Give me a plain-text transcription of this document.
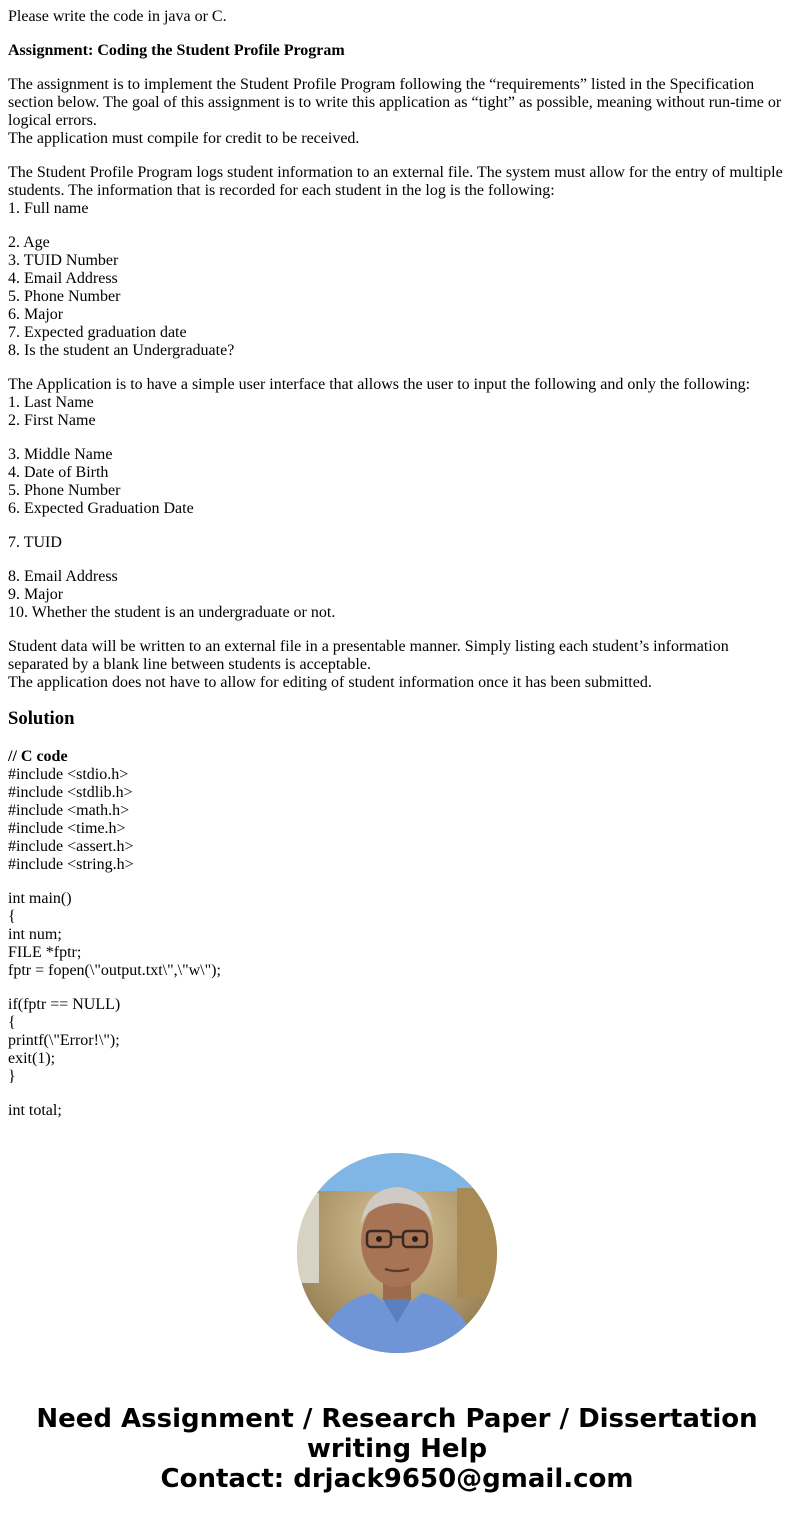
Please write the code in java or C.

Assignment: Coding the Student Profile Program

The assignment is to implement the Student Profile Program following the “requirements” listed in the Specification section below. The goal of this assignment is to write this application as “tight” as possible, meaning without run-time or logical errors.
The application must compile for credit to be received.

The Student Profile Program logs student information to an external file. The system must allow for the entry of multiple students. The information that is recorded for each student in the log is the following:
1. Full name

2. Age
3. TUID Number
4. Email Address
5. Phone Number
6. Major
7. Expected graduation date
8. Is the student an Undergraduate?

The Application is to have a simple user interface that allows the user to input the following and only the following:
1. Last Name
2. First Name

3. Middle Name
4. Date of Birth
5. Phone Number
6. Expected Graduation Date

7. TUID

8. Email Address
9. Major
10. Whether the student is an undergraduate or not.

Student data will be written to an external file in a presentable manner. Simply listing each student’s information separated by a blank line between students is acceptable.
The application does not have to allow for editing of student information once it has been submitted.

Solution
// C code
#include <stdio.h>
#include <stdlib.h>
#include <math.h>
#include <time.h>
#include <assert.h>
#include <string.h>
int main()
{
int num;
FILE *fptr;
fptr = fopen(\"output.txt\",\"w\");
if(fptr == NULL)
{
printf(\"Error!\");
exit(1);
}
int total;
Need Assignment / Research Paper / Dissertation
writing Help
Contact: drjack9650@gmail.com
